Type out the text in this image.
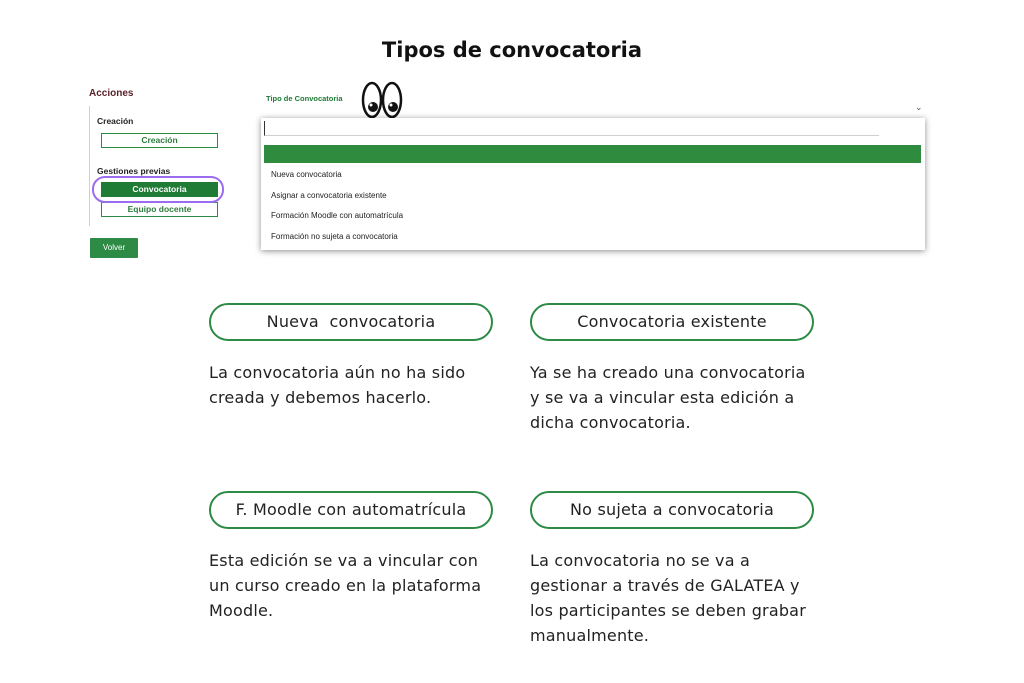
Tipos de convocatoria
Acciones
Creación
Creación
Gestiones previas
Convocatoria
Equipo docente
Volver
Tipo de Convocatoria
⌄
Nueva convocatoria
Asignar a convocatoria existente
Formación Moodle con automatrícula
Formación no sujeta a convocatoria
Nueva  convocatoria
La convocatoria aún no ha sido creada y debemos hacerlo.
Convocatoria existente
Ya se ha creado una convocatoria y se va a vincular esta edición a dicha convocatoria.
F. Moodle con automatrícula
Esta edición se va a vincular con un curso creado en la plataforma Moodle.
No sujeta a convocatoria
La convocatoria no se va a gestionar a través de GALATEA y los participantes se deben grabar manualmente.
